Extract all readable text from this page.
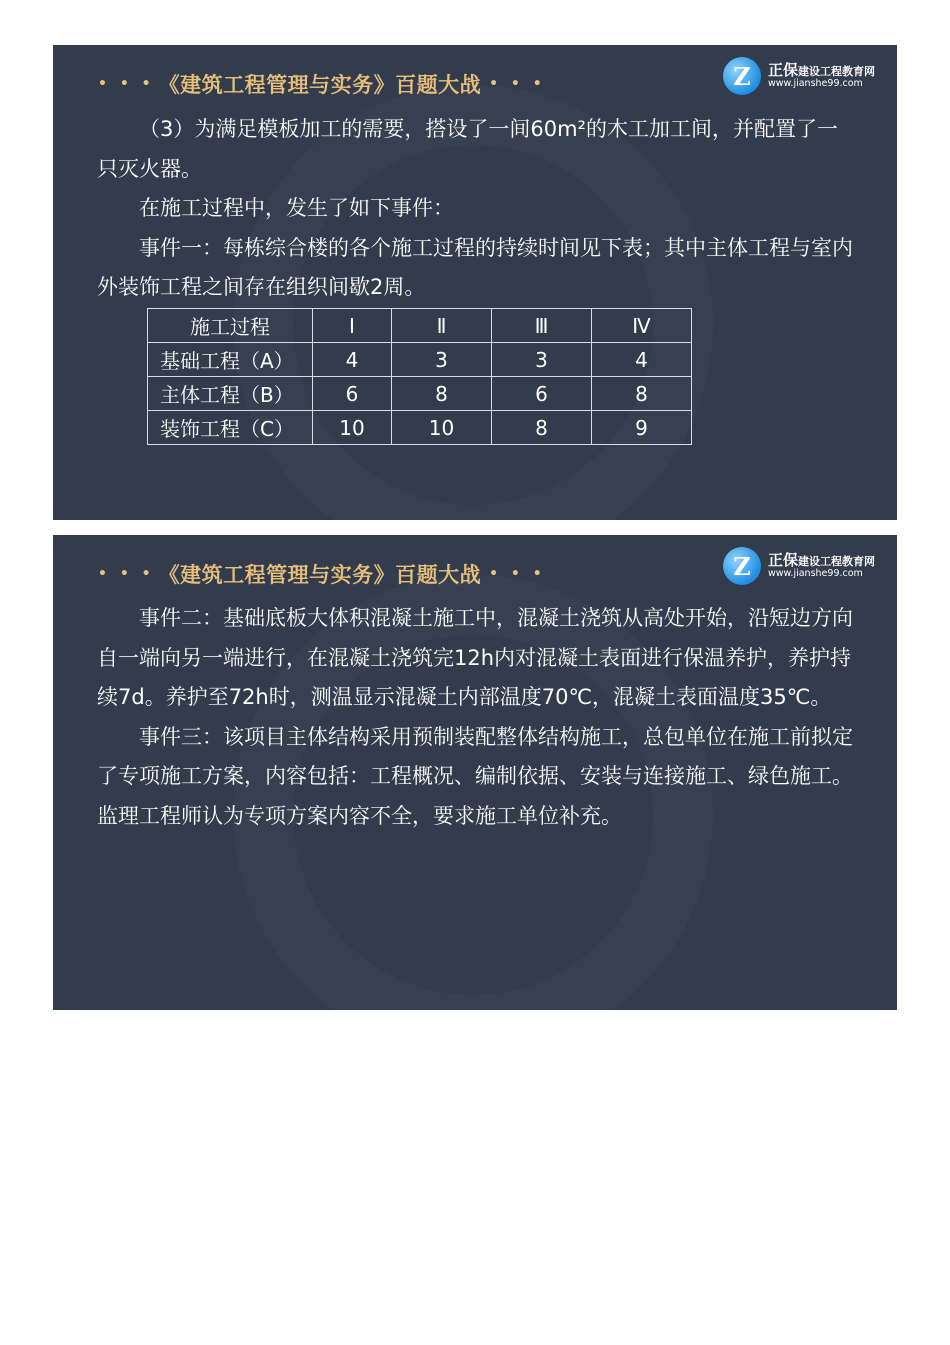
• • • 《建筑工程管理与实务》百题大战 • • •	Z	正保建设工程教育网
www.jianshe99.com

（3）为满足模板加工的需要，搭设了一间60m²的木工加工间，并配置了一只灭火器。

在施工过程中，发生了如下事件：

事件一：每栋综合楼的各个施工过程的持续时间见下表；其中主体工程与室内外装饰工程之间存在组织间歇2周。

施工过程	Ⅰ	Ⅱ	Ⅲ	Ⅳ
基础工程（A）	4	3	3	4
主体工程（B）	6	8	6	8
装饰工程（C）	10	10	8	9
• • • 《建筑工程管理与实务》百题大战 • • •	Z	正保建设工程教育网
www.jianshe99.com

事件二：基础底板大体积混凝土施工中，混凝土浇筑从高处开始，沿短边方向自一端向另一端进行，在混凝土浇筑完12h内对混凝土表面进行保温养护，养护持续7d。养护至72h时，测温显示混凝土内部温度70℃，混凝土表面温度35℃。

事件三：该项目主体结构采用预制装配整体结构施工，总包单位在施工前拟定了专项施工方案，内容包括：工程概况、编制依据、安装与连接施工、绿色施工。监理工程师认为专项方案内容不全，要求施工单位补充。
